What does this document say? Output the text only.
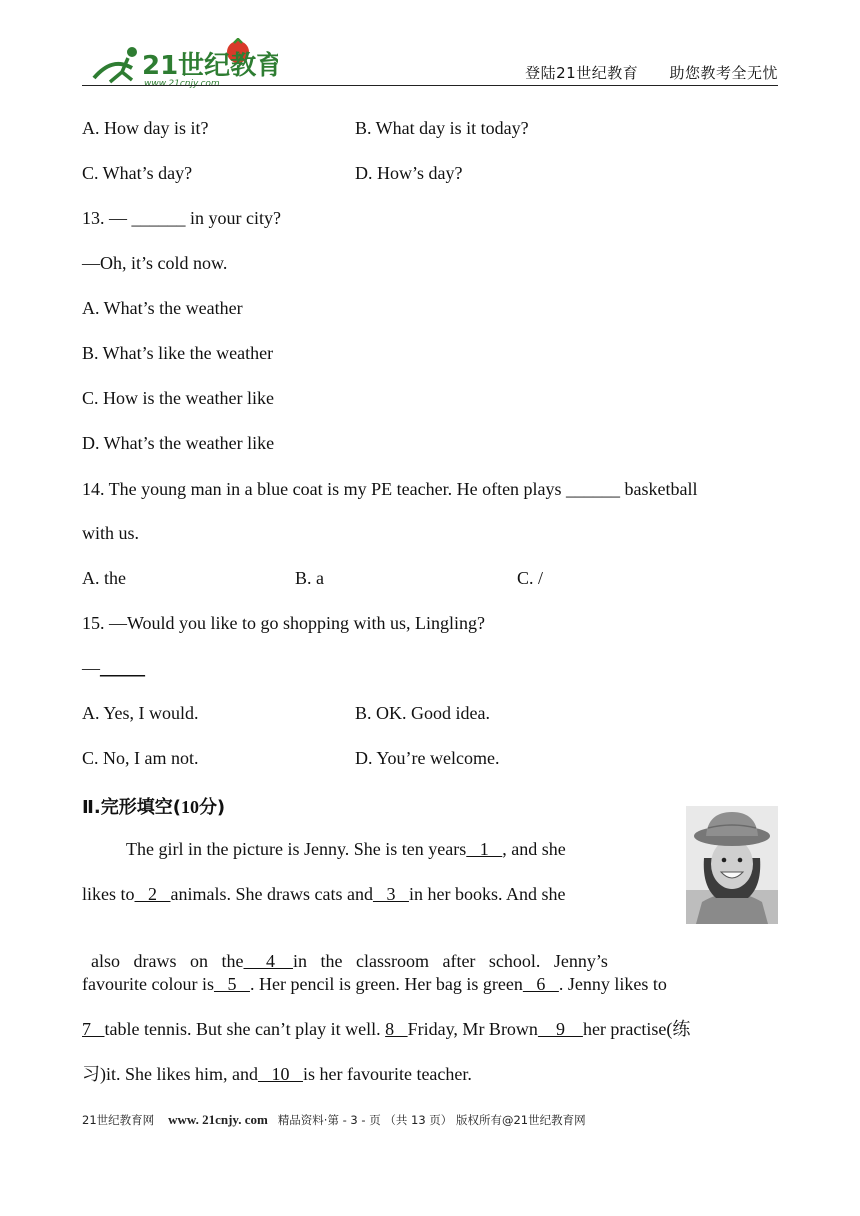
21世纪教育
www.21cnjy.com
登陆21世纪教育 助您教考全无忧
A. How day is it?	B. What day is it today?
C. What’s day?	D. How’s day?
13. — ______ in your city?
—Oh, it’s cold now.
A. What’s the weather
B. What’s like the weather
C. How is the weather like
D. What’s the weather like
14. The young man in a blue coat is my PE teacher. He often plays ______ basketball
with us.
A. the	B. a	C. /
15. —Would you like to go shopping with us, Lingling?
—_____
A. Yes, I would.	B. OK. Good idea.
C. No, I am not.	D. You’re welcome.
Ⅱ.完形填空(10分)
The girl in the picture is Jenny. She is ten years   1   , and she
likes to   2   animals. She draws cats and   3   in her books. And she

also   draws   on   the     4    in   the   classroom   after   school.   Jenny’s

favourite colour is   5   . Her pencil is green. Her bag is green   6   . Jenny likes to
7   table tennis. But she can’t play it well. 8   Friday, Mr Brown    9    her practise(练
习)it. She likes him, and   10   is her favourite teacher.
21世纪教育网 www. 21cnjy. com 精品资料·第 - 3 - 页 （共 13 页） 版权所有@21世纪教育网
